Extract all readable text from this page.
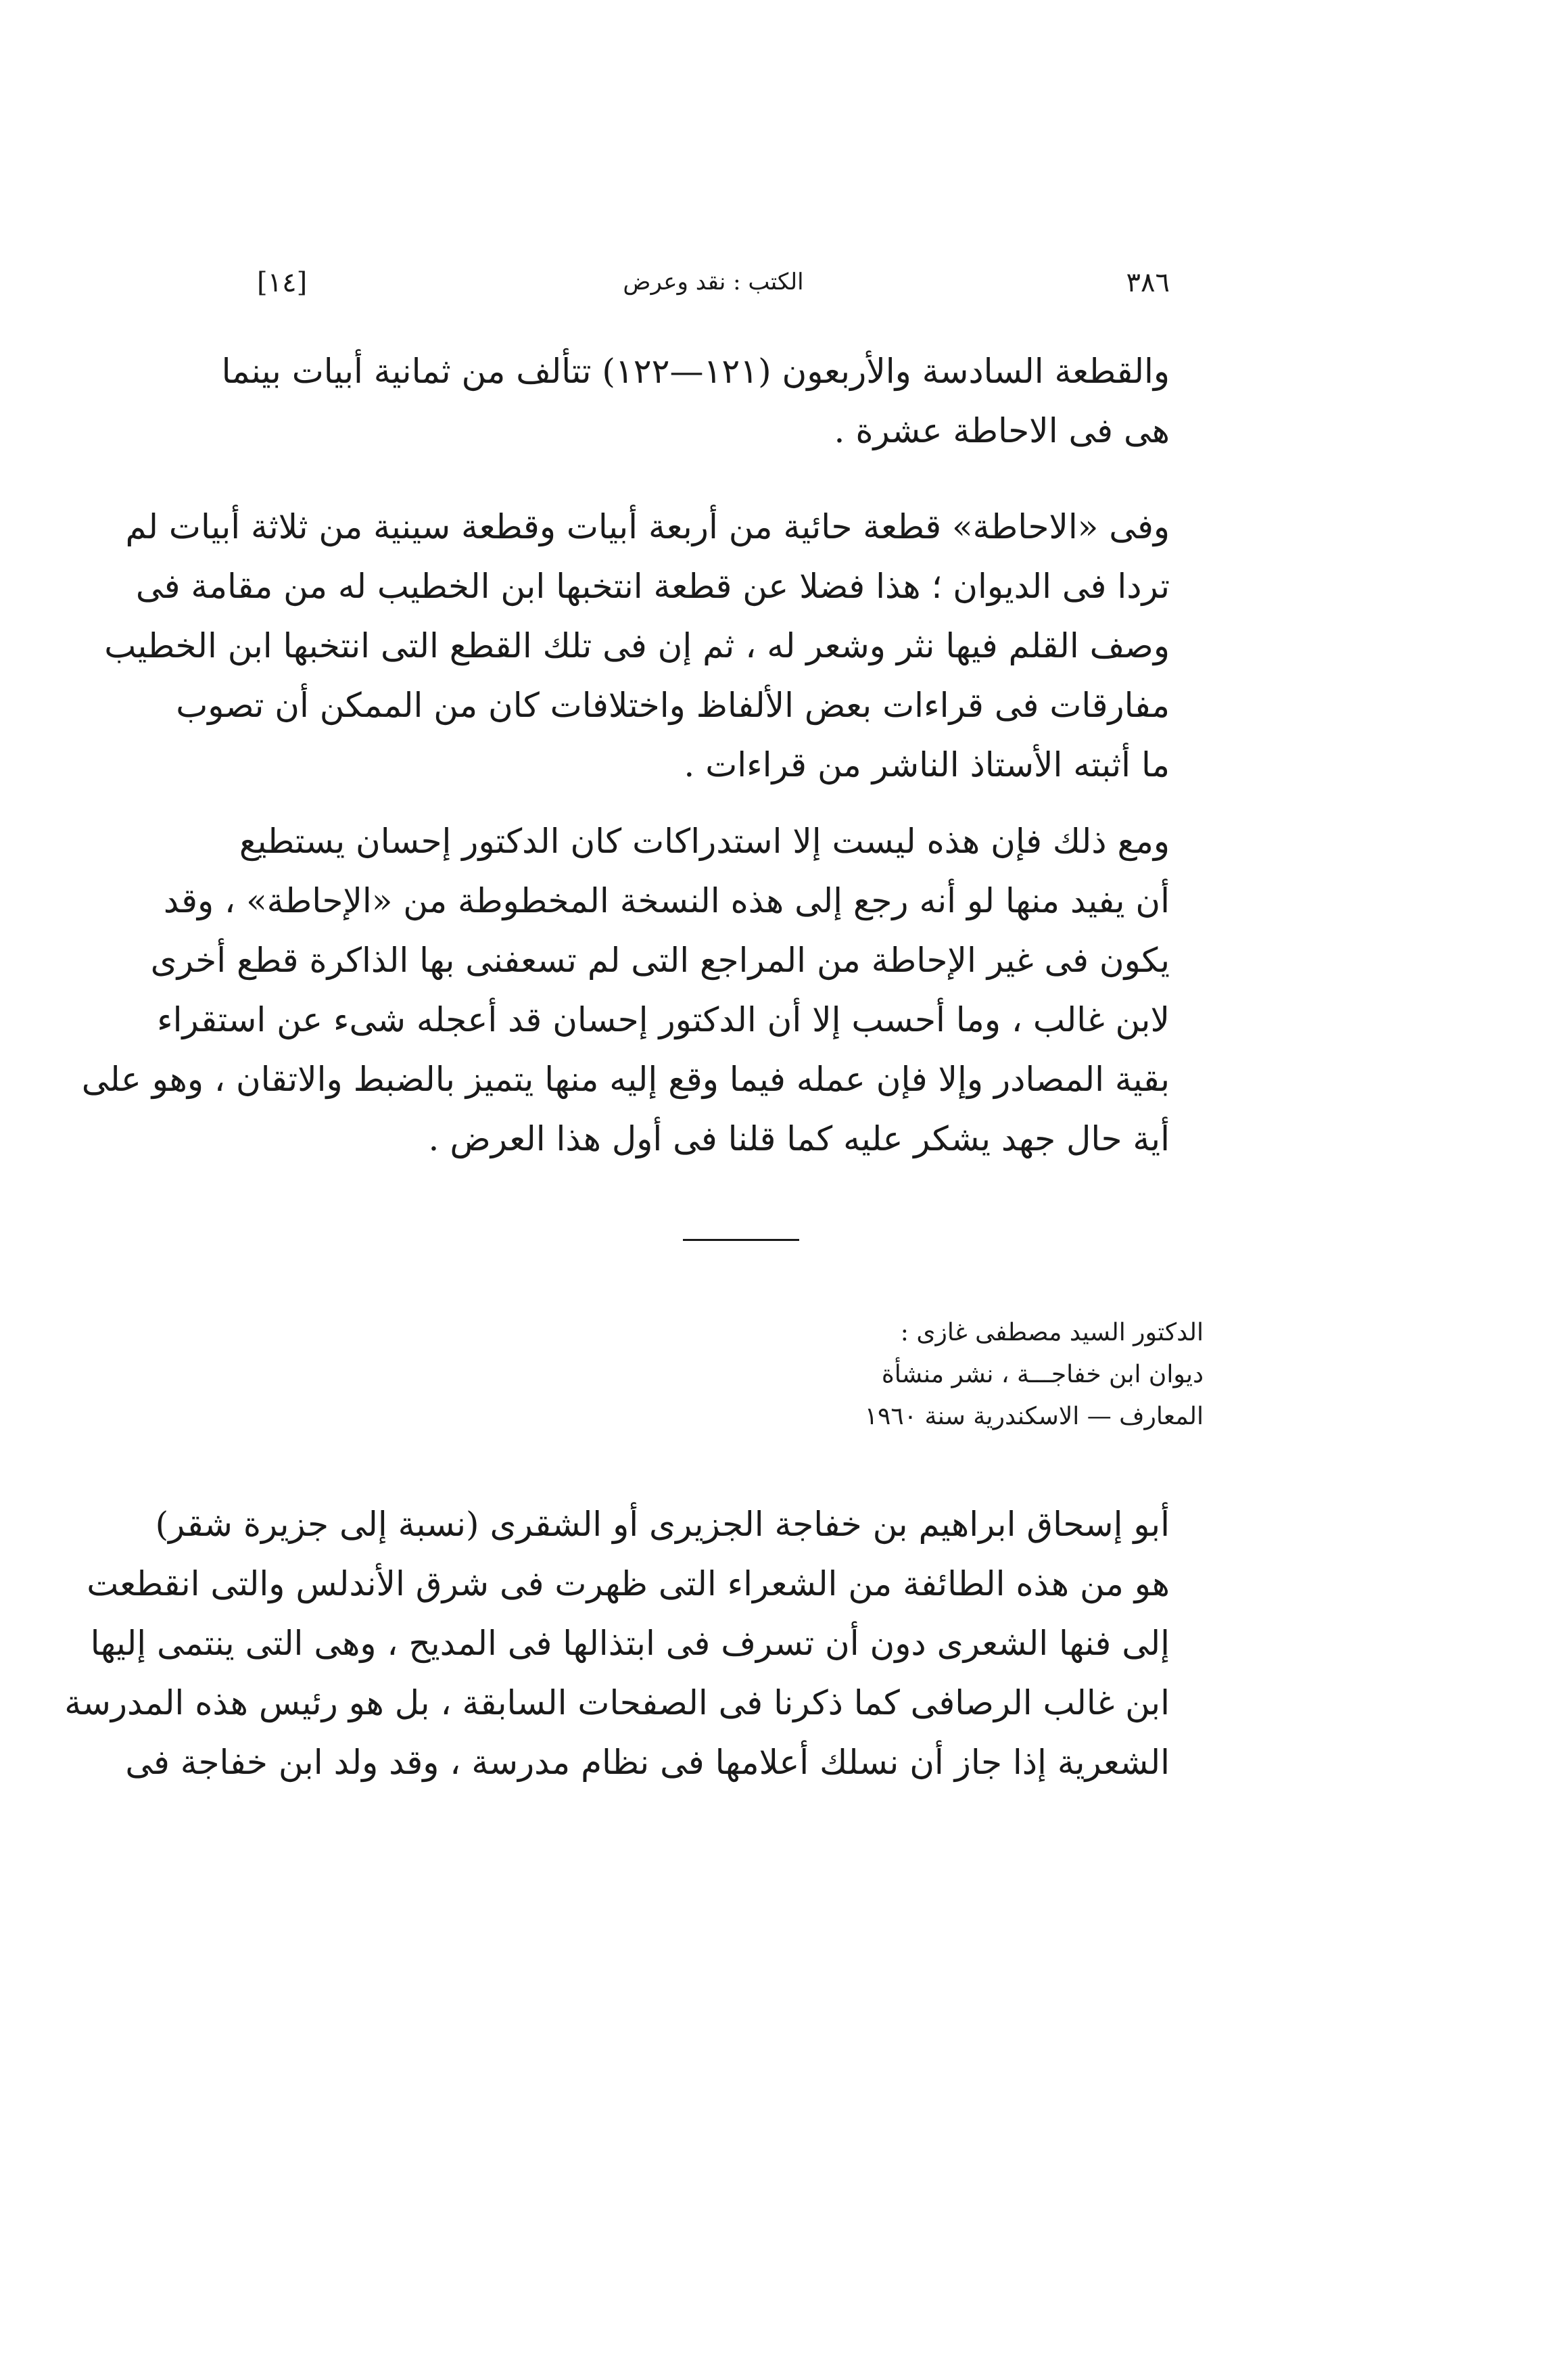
٣٨٦
الكتب : نقد وعرض
[١٤]
والقطعة السادسة والأربعون (١٢١—١٢٢) تتألف من ثمانية أبيات بينما
هى فى الاحاطة عشرة .
وفى «الاحاطة» قطعة حائية من أربعة أبيات وقطعة سينية من ثلاثة أبيات لم
تردا فى الديوان ؛ هذا فضلا عن قطعة انتخبها ابن الخطيب له من مقامة فى
وصف القلم فيها نثر وشعر له ، ثم إن فى تلك القطع التى انتخبها ابن الخطيب
مفارقات فى قراءات بعض الألفاظ واختلافات كان من الممكن أن تصوب
ما أثبته الأستاذ الناشر من قراءات .
ومع ذلك فإن هذه ليست إلا استدراكات كان الدكتور إحسان يستطيع
أن يفيد منها لو أنه رجع إلى هذه النسخة المخطوطة من «الإحاطة» ، وقد
يكون فى غير الإحاطة من المراجع التى لم تسعفنى بها الذاكرة قطع أخرى
لابن غالب ، وما أحسب إلا أن الدكتور إحسان قد أعجله شىء عن استقراء
بقية المصادر وإلا فإن عمله فيما وقع إليه منها يتميز بالضبط والاتقان ، وهو على
أية حال جهد يشكر عليه كما قلنا فى أول هذا العرض .
الدكتور السيد مصطفى غازى :
ديوان ابن خفاجـــة ، نشر منشأة
المعارف — الاسكندرية سنة ١٩٦٠
أبو إسحاق ابراهيم بن خفاجة الجزيرى أو الشقرى (نسبة إلى جزيرة شقر)
هو من هذه الطائفة من الشعراء التى ظهرت فى شرق الأندلس والتى انقطعت
إلى فنها الشعرى دون أن تسرف فى ابتذالها فى المديح ، وهى التى ينتمى إليها
ابن غالب الرصافى كما ذكرنا فى الصفحات السابقة ، بل هو رئيس هذه المدرسة
الشعرية إذا جاز أن نسلك أعلامها فى نظام مدرسة ، وقد ولد ابن خفاجة فى
